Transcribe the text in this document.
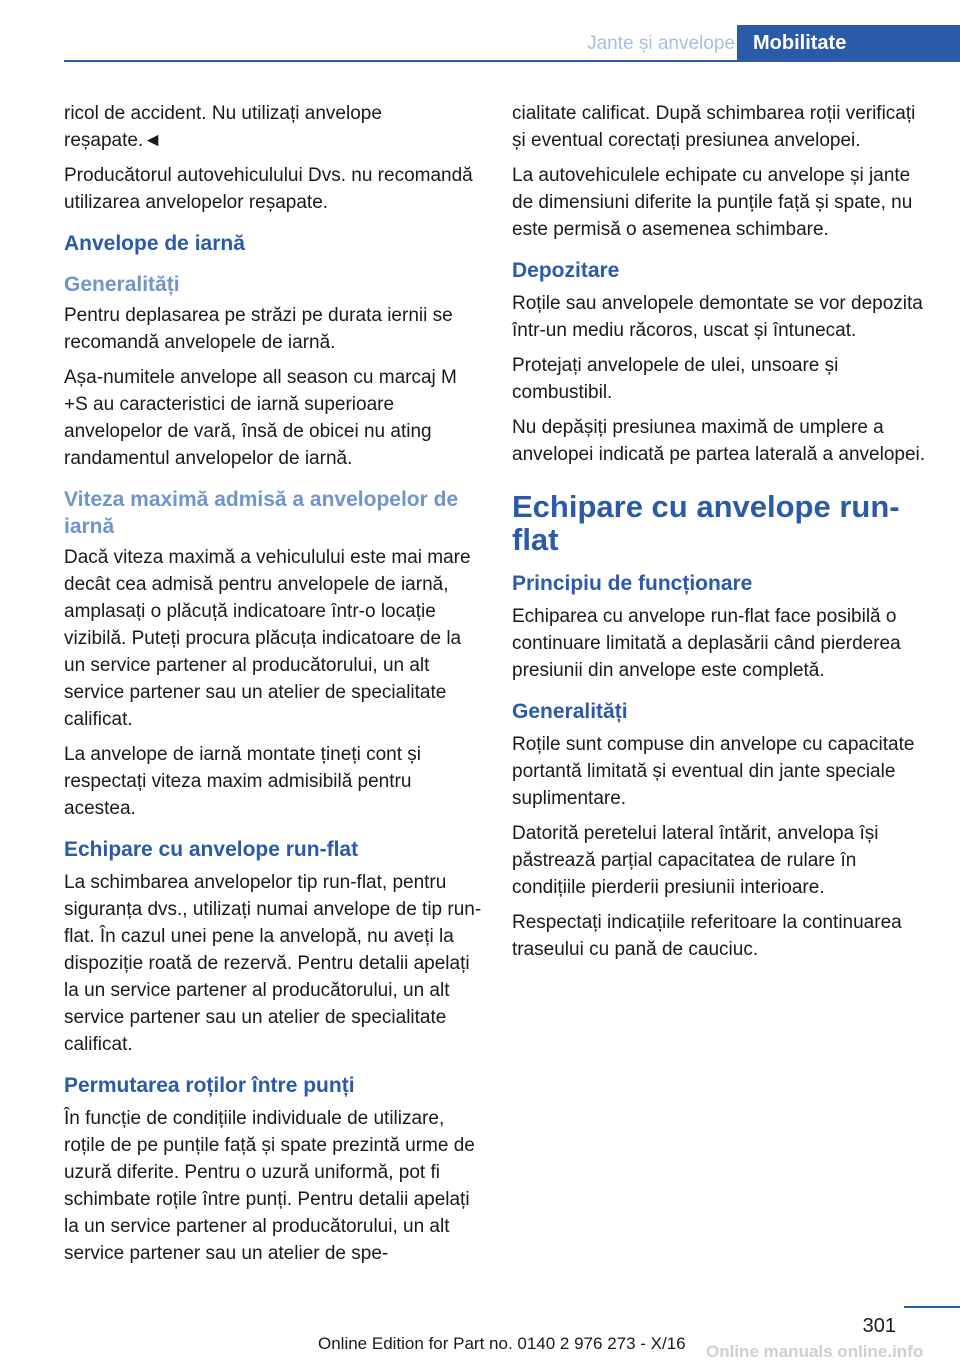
Jante și anvelope Mobilitate

ricol de accident. Nu utilizați anvelope reșapate.◄

Producătorul autovehiculului Dvs. nu recomandă utilizarea anvelopelor reșapate.

Anvelope de iarnă
Generalități

Pentru deplasarea pe străzi pe durata iernii se recomandă anvelopele de iarnă.

Așa-numitele anvelope all season cu marcaj M +S au caracteristici de iarnă superioare anvelopelor de vară, însă de obicei nu ating randamentul anvelopelor de iarnă.

Viteza maximă admisă a anvelopelor de iarnă

Dacă viteza maximă a vehiculului este mai mare decât cea admisă pentru anvelopele de iarnă, amplasați o plăcuță indicatoare într-o locație vizibilă. Puteți procura plăcuța indicatoare de la un service partener al producătorului, un alt service partener sau un atelier de specialitate calificat.

La anvelope de iarnă montate țineți cont și respectați viteza maxim admisibilă pentru acestea.

Echipare cu anvelope run-flat

La schimbarea anvelopelor tip run-flat, pentru siguranța dvs., utilizați numai anvelope de tip run-flat. În cazul unei pene la anvelopă, nu aveți la dispoziție roată de rezervă. Pentru detalii apelați la un service partener al producătorului, un alt service partener sau un atelier de specialitate calificat.

Permutarea roților între punți

În funcție de condițiile individuale de utilizare, roțile de pe punțile față și spate prezintă urme de uzură diferite. Pentru o uzură uniformă, pot fi schimbate roțile între punți. Pentru detalii apelați la un service partener al producătorului, un alt service partener sau un atelier de spe-

cialitate calificat. După schimbarea roții verificați și eventual corectați presiunea anvelopei.

La autovehiculele echipate cu anvelope și jante de dimensiuni diferite la punțile față și spate, nu este permisă o asemenea schimbare.

Depozitare

Roțile sau anvelopele demontate se vor depozita într-un mediu răcoros, uscat și întunecat.

Protejați anvelopele de ulei, unsoare și combustibil.

Nu depășiți presiunea maximă de umplere a anvelopei indicată pe partea laterală a anvelopei.

Echipare cu anvelope run-flat
Principiu de funcționare

Echiparea cu anvelope run-flat face posibilă o continuare limitată a deplasării când pierderea presiunii din anvelope este completă.

Generalități

Roțile sunt compuse din anvelope cu capacitate portantă limitată și eventual din jante speciale suplimentare.

Datorită peretelui lateral întărit, anvelopa își păstrează parțial capacitatea de rulare în condițiile pierderii presiunii interioare.

Respectați indicațiile referitoare la continuarea traseului cu pană de cauciuc.

301
Online Edition for Part no. 0140 2 976 273 - X/16	Online manuals online.info
